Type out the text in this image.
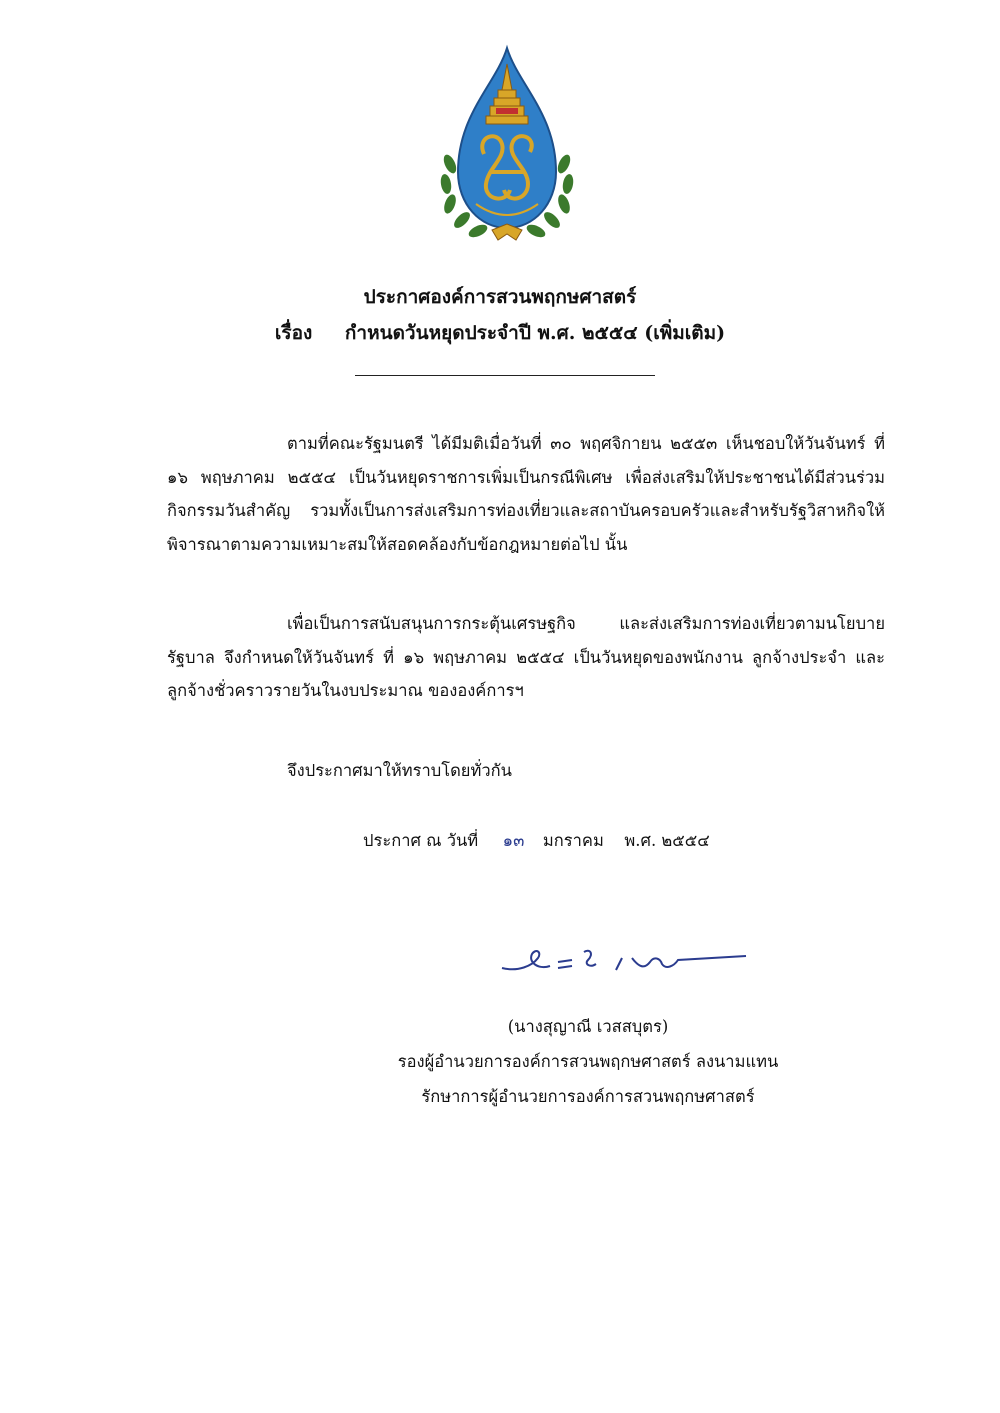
ประกาศองค์การสวนพฤกษศาสตร์
เรื่อง กำหนดวันหยุดประจำปี พ.ศ. ๒๕๕๔ (เพิ่มเติม)

ตามที่คณะรัฐมนตรี ได้มีมติเมื่อวันที่ ๓๐ พฤศจิกายน ๒๕๕๓ เห็นชอบให้วันจันทร์ ที่ ๑๖ พฤษภาคม ๒๕๕๔ เป็นวันหยุดราชการเพิ่มเป็นกรณีพิเศษ เพื่อส่งเสริมให้ประชาชนได้มีส่วนร่วมกิจกรรมวันสำคัญ รวมทั้งเป็นการส่งเสริมการท่องเที่ยวและสถาบันครอบครัวและสำหรับรัฐวิสาหกิจให้พิจารณาตามความเหมาะสมให้สอดคล้องกับข้อกฎหมายต่อไป นั้น

เพื่อเป็นการสนับสนุนการกระตุ้นเศรษฐกิจ และส่งเสริมการท่องเที่ยวตามนโยบายรัฐบาล จึงกำหนดให้วันจันทร์ ที่ ๑๖ พฤษภาคม ๒๕๕๔ เป็นวันหยุดของพนักงาน ลูกจ้างประจำ และลูกจ้างชั่วคราวรายวันในงบประมาณ ขององค์การฯ

จึงประกาศมาให้ทราบโดยทั่วกัน
ประกาศ ณ วันที่ ๑๓ มกราคม พ.ศ. ๒๕๕๔
(นางสุญาณี เวสสบุตร)
รองผู้อำนวยการองค์การสวนพฤกษศาสตร์ ลงนามแทน
รักษาการผู้อำนวยการองค์การสวนพฤกษศาสตร์
